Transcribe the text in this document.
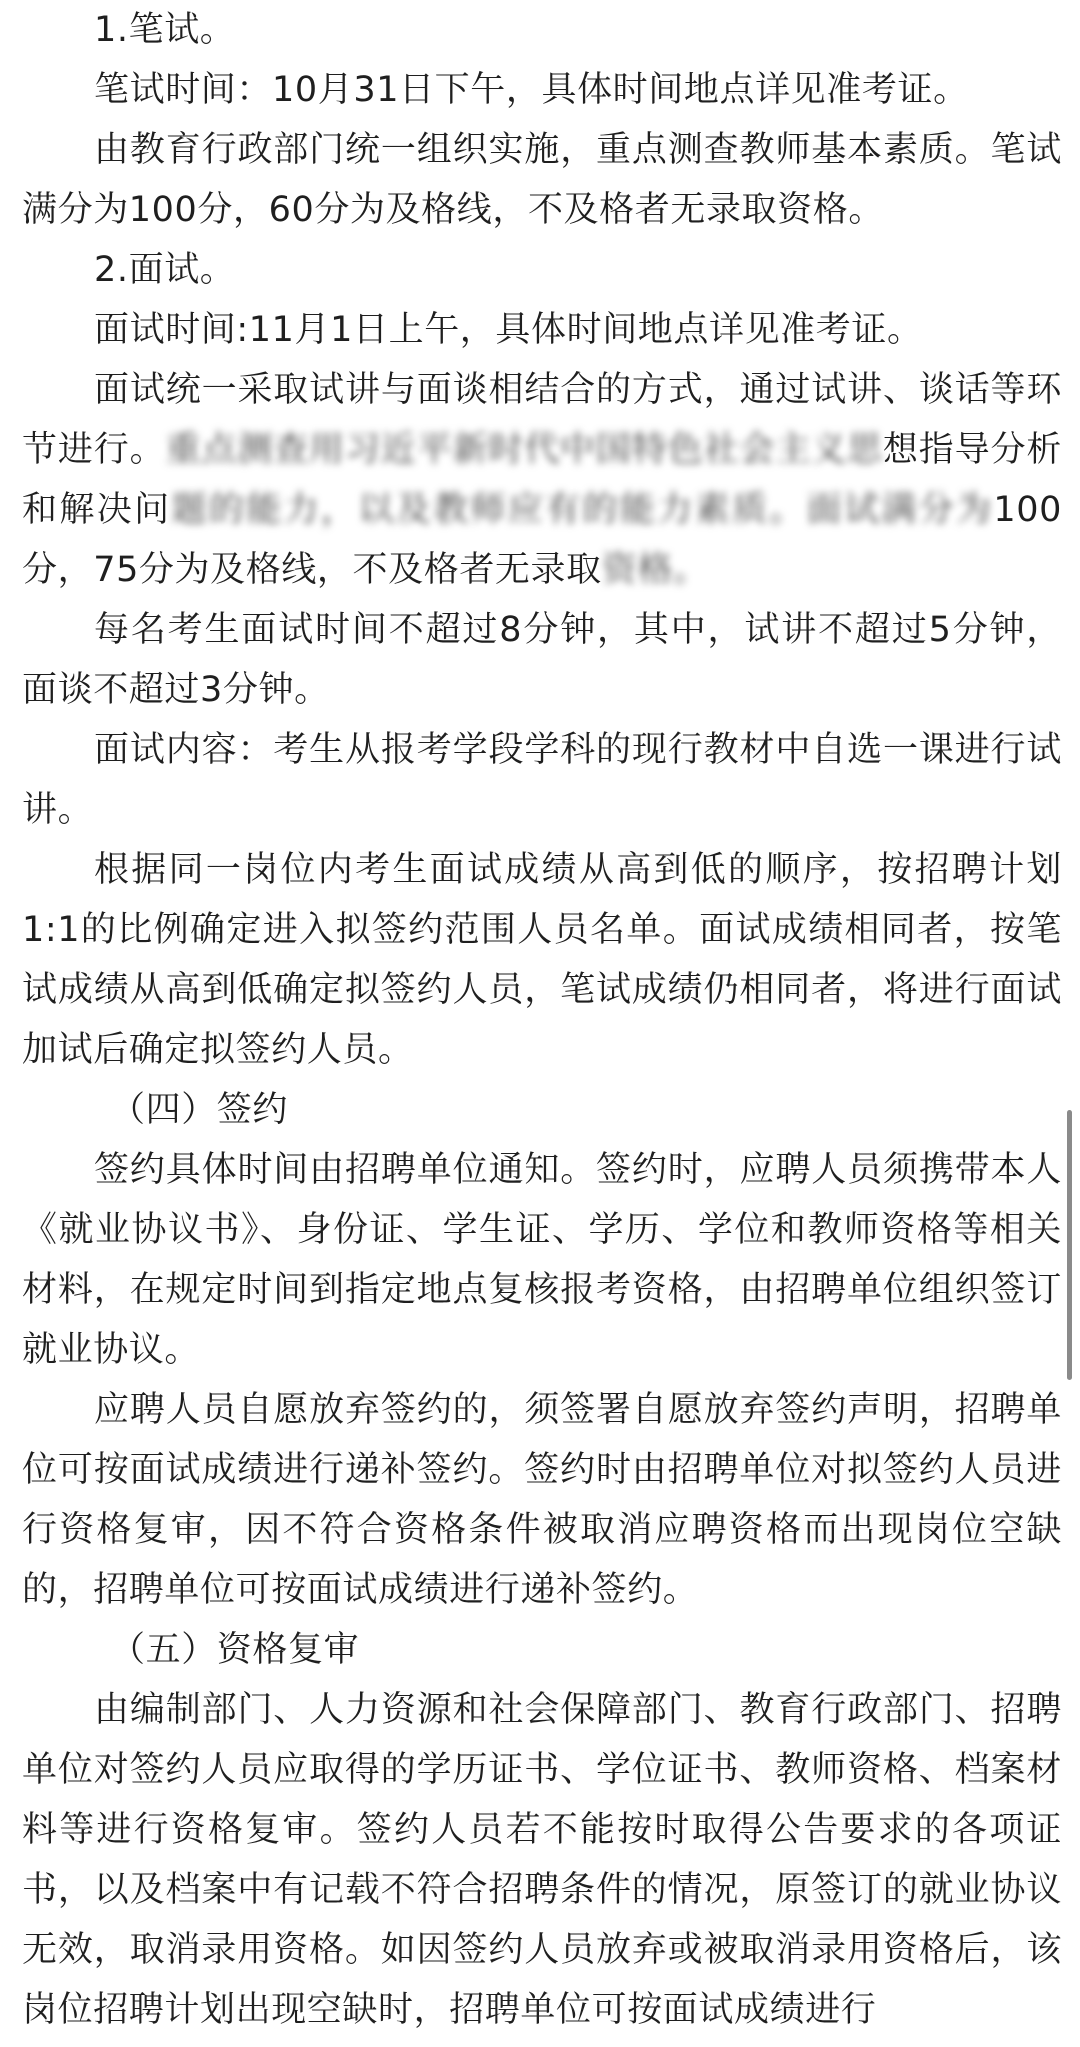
1.笔试。

笔试时间：10月31日下午，具体时间地点详见准考证。

由教育行政部门统一组织实施，重点测查教师基本素质。笔试满分为100分，60分为及格线，不及格者无录取资格。

2.面试。

面试时间:11月1日上午，具体时间地点详见准考证。

面试统一采取试讲与面谈相结合的方式，通过试讲、谈话等环节进行。重点测查用习近平新时代中国特色社会主义思想指导分析和解决问题的能力，以及教师应有的能力素质。面试满分为100分，75分为及格线，不及格者无录取资格。

每名考生面试时间不超过8分钟，其中，试讲不超过5分钟，面谈不超过3分钟。

面试内容：考生从报考学段学科的现行教材中自选一课进行试讲。

根据同一岗位内考生面试成绩从高到低的顺序，按招聘计划1:1的比例确定进入拟签约范围人员名单。面试成绩相同者，按笔试成绩从高到低确定拟签约人员，笔试成绩仍相同者，将进行面试加试后确定拟签约人员。

（四）签约

签约具体时间由招聘单位通知。签约时，应聘人员须携带本人《就业协议书》、身份证、学生证、学历、学位和教师资格等相关材料，在规定时间到指定地点复核报考资格，由招聘单位组织签订就业协议。

应聘人员自愿放弃签约的，须签署自愿放弃签约声明，招聘单位可按面试成绩进行递补签约。签约时由招聘单位对拟签约人员进行资格复审，因不符合资格条件被取消应聘资格而出现岗位空缺的，招聘单位可按面试成绩进行递补签约。

（五）资格复审

由编制部门、人力资源和社会保障部门、教育行政部门、招聘单位对签约人员应取得的学历证书、学位证书、教师资格、档案材料等进行资格复审。签约人员若不能按时取得公告要求的各项证书，以及档案中有记载不符合招聘条件的情况，原签订的就业协议无效，取消录用资格。如因签约人员放弃或被取消录用资格后，该岗位招聘计划出现空缺时，招聘单位可按面试成绩进行
